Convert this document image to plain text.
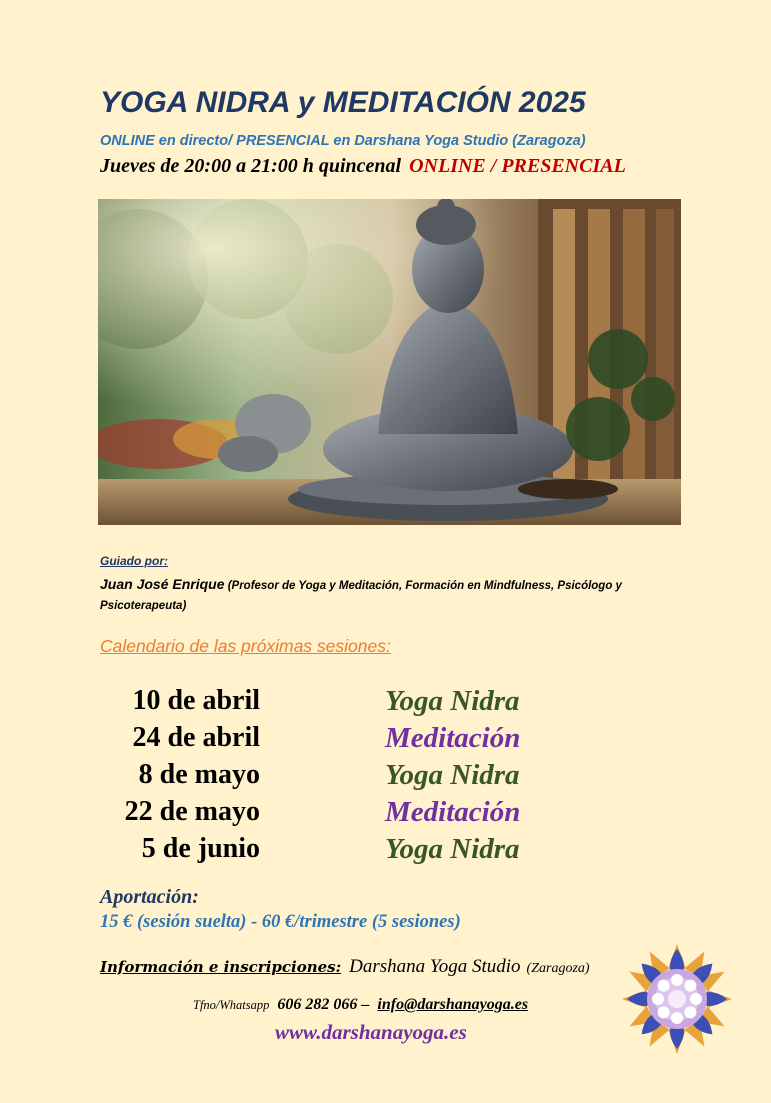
YOGA NIDRA y MEDITACIÓN 2025
ONLINE en directo/ PRESENCIAL en Darshana Yoga Studio (Zaragoza)
Jueves de 20:00 a 21:00 h quincenal ONLINE / PRESENCIAL
Guiado por:
Juan José Enrique (Profesor de Yoga y Meditación, Formación en Mindfulness, Psicólogo y Psicoterapeuta)
Calendario de las próximas sesiones:
10 de abril	Yoga Nidra
24 de abril	Meditación
8 de mayo	Yoga Nidra
22 de mayo	Meditación
5 de junio	Yoga Nidra
Aportación:
15 € (sesión suelta) - 60 €/trimestre (5 sesiones)
Información e inscripciones: Darshana Yoga Studio (Zaragoza)
Tfno/Whatsapp 606 282 066 – info@darshanayoga.es
www.darshanayoga.es
